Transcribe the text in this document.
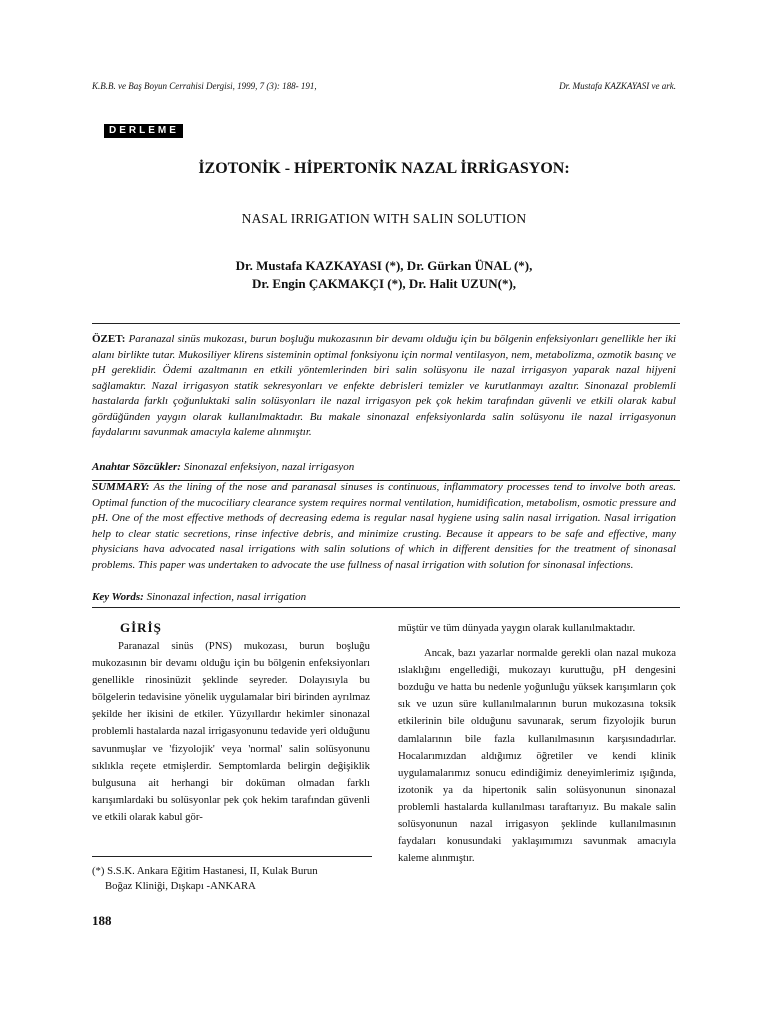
K.B.B. ve Baş Boyun Cerrahisi Dergisi, 1999, 7 (3): 188- 191,	Dr. Mustafa KAZKAYASI ve ark.
DERLEME
İZOTONİK - HİPERTONİK NAZAL İRRİGASYON:
NASAL IRRIGATION WITH SALIN SOLUTION
Dr. Mustafa KAZKAYASI (*), Dr. Gürkan ÜNAL (*),
Dr. Engin ÇAKMAKÇI (*), Dr. Halit UZUN(*),
ÖZET: Paranazal sinüs mukozası, burun boşluğu mukozasının bir devamı olduğu için bu bölgenin enfeksiyonları genellikle her iki alanı birlikte tutar. Mukosiliyer klirens sisteminin optimal fonksiyonu için normal ventilasyon, nem, metabolizma, ozmotik basınç ve pH gereklidir. Ödemi azaltmanın en etkili yöntemlerinden biri salin solüsyonu ile nazal irrigasyon yaparak nazal hijyeni sağlamaktır. Nazal irrigasyon statik sekresyonları ve enfekte debrisleri temizler ve kurutlanmayı azaltır. Sinonazal problemli hastalarda farklı çoğunluktaki salin solüsyonları ile nazal irrigasyon pek çok hekim tarafından güvenli ve etkili olarak kabul gördüğünden yaygın olarak kullanılmaktadır. Bu makale sinonazal enfeksiyonlarda salin solüsyonu ile nazal irrigasyonun faydalarını savunmak amacıyla kaleme alınmıştır.
Anahtar Sözcükler: Sinonazal enfeksiyon, nazal irrigasyon
SUMMARY: As the lining of the nose and paranasal sinuses is continuous, inflammatory processes tend to involve both areas. Optimal function of the mucociliary clearance system requires normal ventilation, humidification, metabolism, osmotic pressure and pH. One of the most effective methods of decreasing edema is regular nasal hygiene using salin nasal irrigation. Nasal irrigation help to clear static secretions, rinse infective debris, and minimize crusting. Because it appears to be safe and effective, many physicians hava advocated nasal irrigations with salin solutions of which in different densities for the treatment of sinonasal problems. This paper was undertaken to advocate the use fullness of nasal irrigation with solution for sinonasal infections.
Key Words: Sinonazal infection, nasal irrigation
GİRİŞ

Paranazal sinüs (PNS) mukozası, burun boşluğu mukozasının bir devamı olduğu için bu bölgenin enfeksiyonları genellikle rinosinüzit şeklinde seyreder. Dolayısıyla bu bölgelerin tedavisine yönelik uygulamalar biri birinden ayrılmaz şekilde her ikisini de etkiler. Yüzyıllardır hekimler sinonazal problemli hastalarda nazal irrigasyonunu tedavide yeri olduğunu savunmuşlar ve 'fizyolojik' veya 'normal' salin solüsyonunu sıklıkla reçete etmişlerdir. Semptomlarda belirgin değişiklik bulgusuna ait herhangi bir doküman olmadan farklı karışımlardaki bu solüsyonlar pek çok hekim tarafından güvenli ve etkili olarak kabul gör-

müştür ve tüm dünyada yaygın olarak kullanılmaktadır.

Ancak, bazı yazarlar normalde gerekli olan nazal mukoza ıslaklığını engellediği, mukozayı kuruttuğu, pH dengesini bozduğu ve hatta bu nedenle yoğunluğu yüksek karışımların çok sık ve uzun süre kullanılmalarının burun mukozasına toksik etkilerinin bile olduğunu savunarak, serum fizyolojik burun damlalarının bile fazla kullanılmasının karşısındadırlar. Hocalarımızdan aldığımız öğretiler ve kendi klinik uygulamalarımız sonucu edindiğimiz deneyimlerimiz ışığında, izotonik ya da hipertonik salin solüsyonunun sinonazal problemli hastalarda kullanılması taraftarıyız. Bu makale salin solüsyonunun nazal irrigasyon şeklinde kullanılmasının faydaları konusundaki yaklaşımımızı savunmak amacıyla kaleme alınmıştır.

(*) S.S.K. Ankara Eğitim Hastanesi, II, Kulak Burun
Boğaz Kliniği, Dışkapı -ANKARA
188
